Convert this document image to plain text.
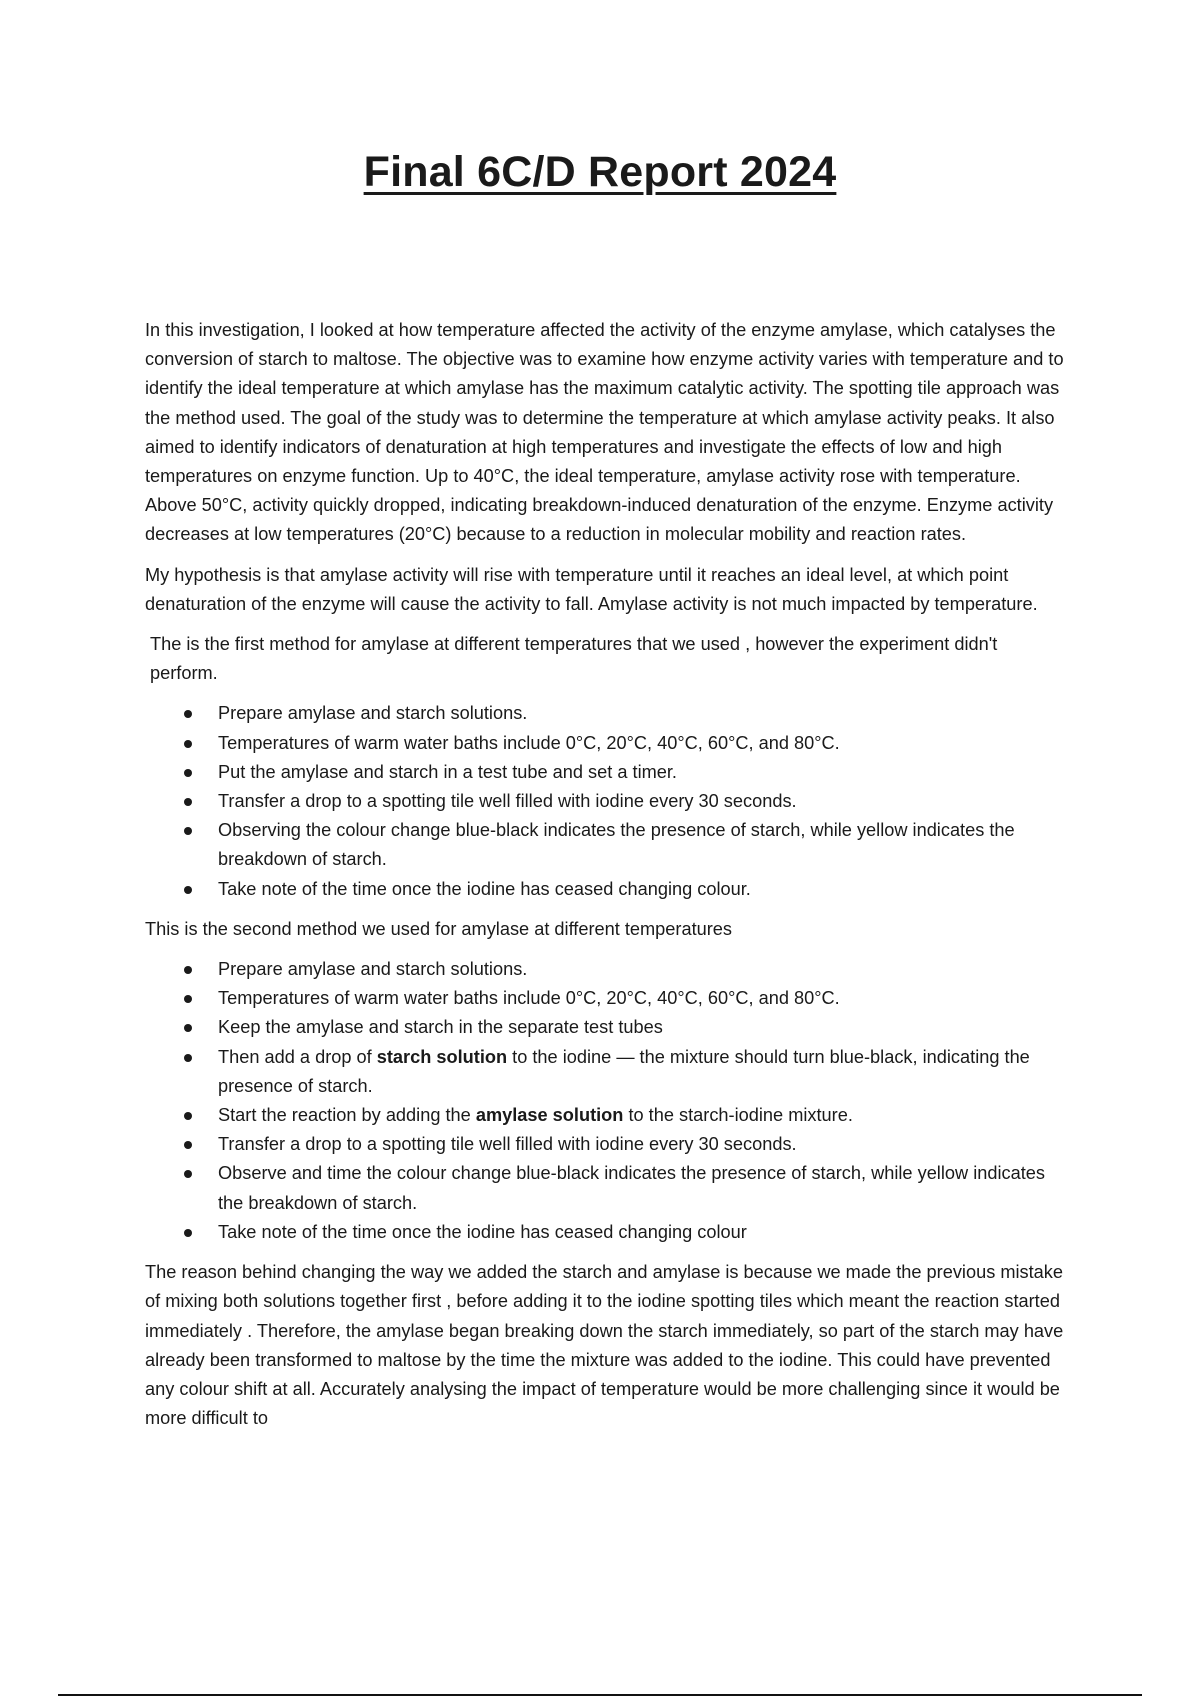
Final 6C/D Report 2024

In this investigation, I looked at how temperature affected the activity of the enzyme amylase, which catalyses the conversion of starch to maltose. The objective was to examine how enzyme activity varies with temperature and to identify the ideal temperature at which amylase has the maximum catalytic activity. The spotting tile approach was the method used. The goal of the study was to determine the temperature at which amylase activity peaks. It also aimed to identify indicators of denaturation at high temperatures and investigate the effects of low and high temperatures on enzyme function. Up to 40°C, the ideal temperature, amylase activity rose with temperature. Above 50°C, activity quickly dropped, indicating breakdown-induced denaturation of the enzyme. Enzyme activity decreases at low temperatures (20°C) because to a reduction in molecular mobility and reaction rates.

My hypothesis is that amylase activity will rise with temperature until it reaches an ideal level, at which point denaturation of the enzyme will cause the activity to fall. Amylase activity is not much impacted by temperature.

The is the first method for amylase at different temperatures that we used , however the experiment didn't perform.

Prepare amylase and starch solutions.
Temperatures of warm water baths include 0°C, 20°C, 40°C, 60°C, and 80°C.
Put the amylase and starch in a test tube and set a timer.
Transfer a drop to a spotting tile well filled with iodine every 30 seconds.
Observing the colour change blue-black indicates the presence of starch, while yellow indicates the breakdown of starch.
Take note of the time once the iodine has ceased changing colour.

This is the second method we used for amylase at different temperatures

Prepare amylase and starch solutions.
Temperatures of warm water baths include 0°C, 20°C, 40°C, 60°C, and 80°C.
Keep the amylase and starch in the separate test tubes
Then add a drop of starch solution to the iodine — the mixture should turn blue-black, indicating the presence of starch.
Start the reaction by adding the amylase solution to the starch-iodine mixture.
Transfer a drop to a spotting tile well filled with iodine every 30 seconds.
Observe and time the colour change blue-black indicates the presence of starch, while yellow indicates the breakdown of starch.
Take note of the time once the iodine has ceased changing colour

The reason behind changing the way we added the starch and amylase is because we made the previous mistake of mixing both solutions together first , before adding it to the iodine spotting tiles which meant the reaction started immediately . Therefore, the amylase began breaking down the starch immediately, so part of the starch may have already been transformed to maltose by the time the mixture was added to the iodine. This could have prevented any colour shift at all. Accurately analysing the impact of temperature would be more challenging since it would be more difficult to
